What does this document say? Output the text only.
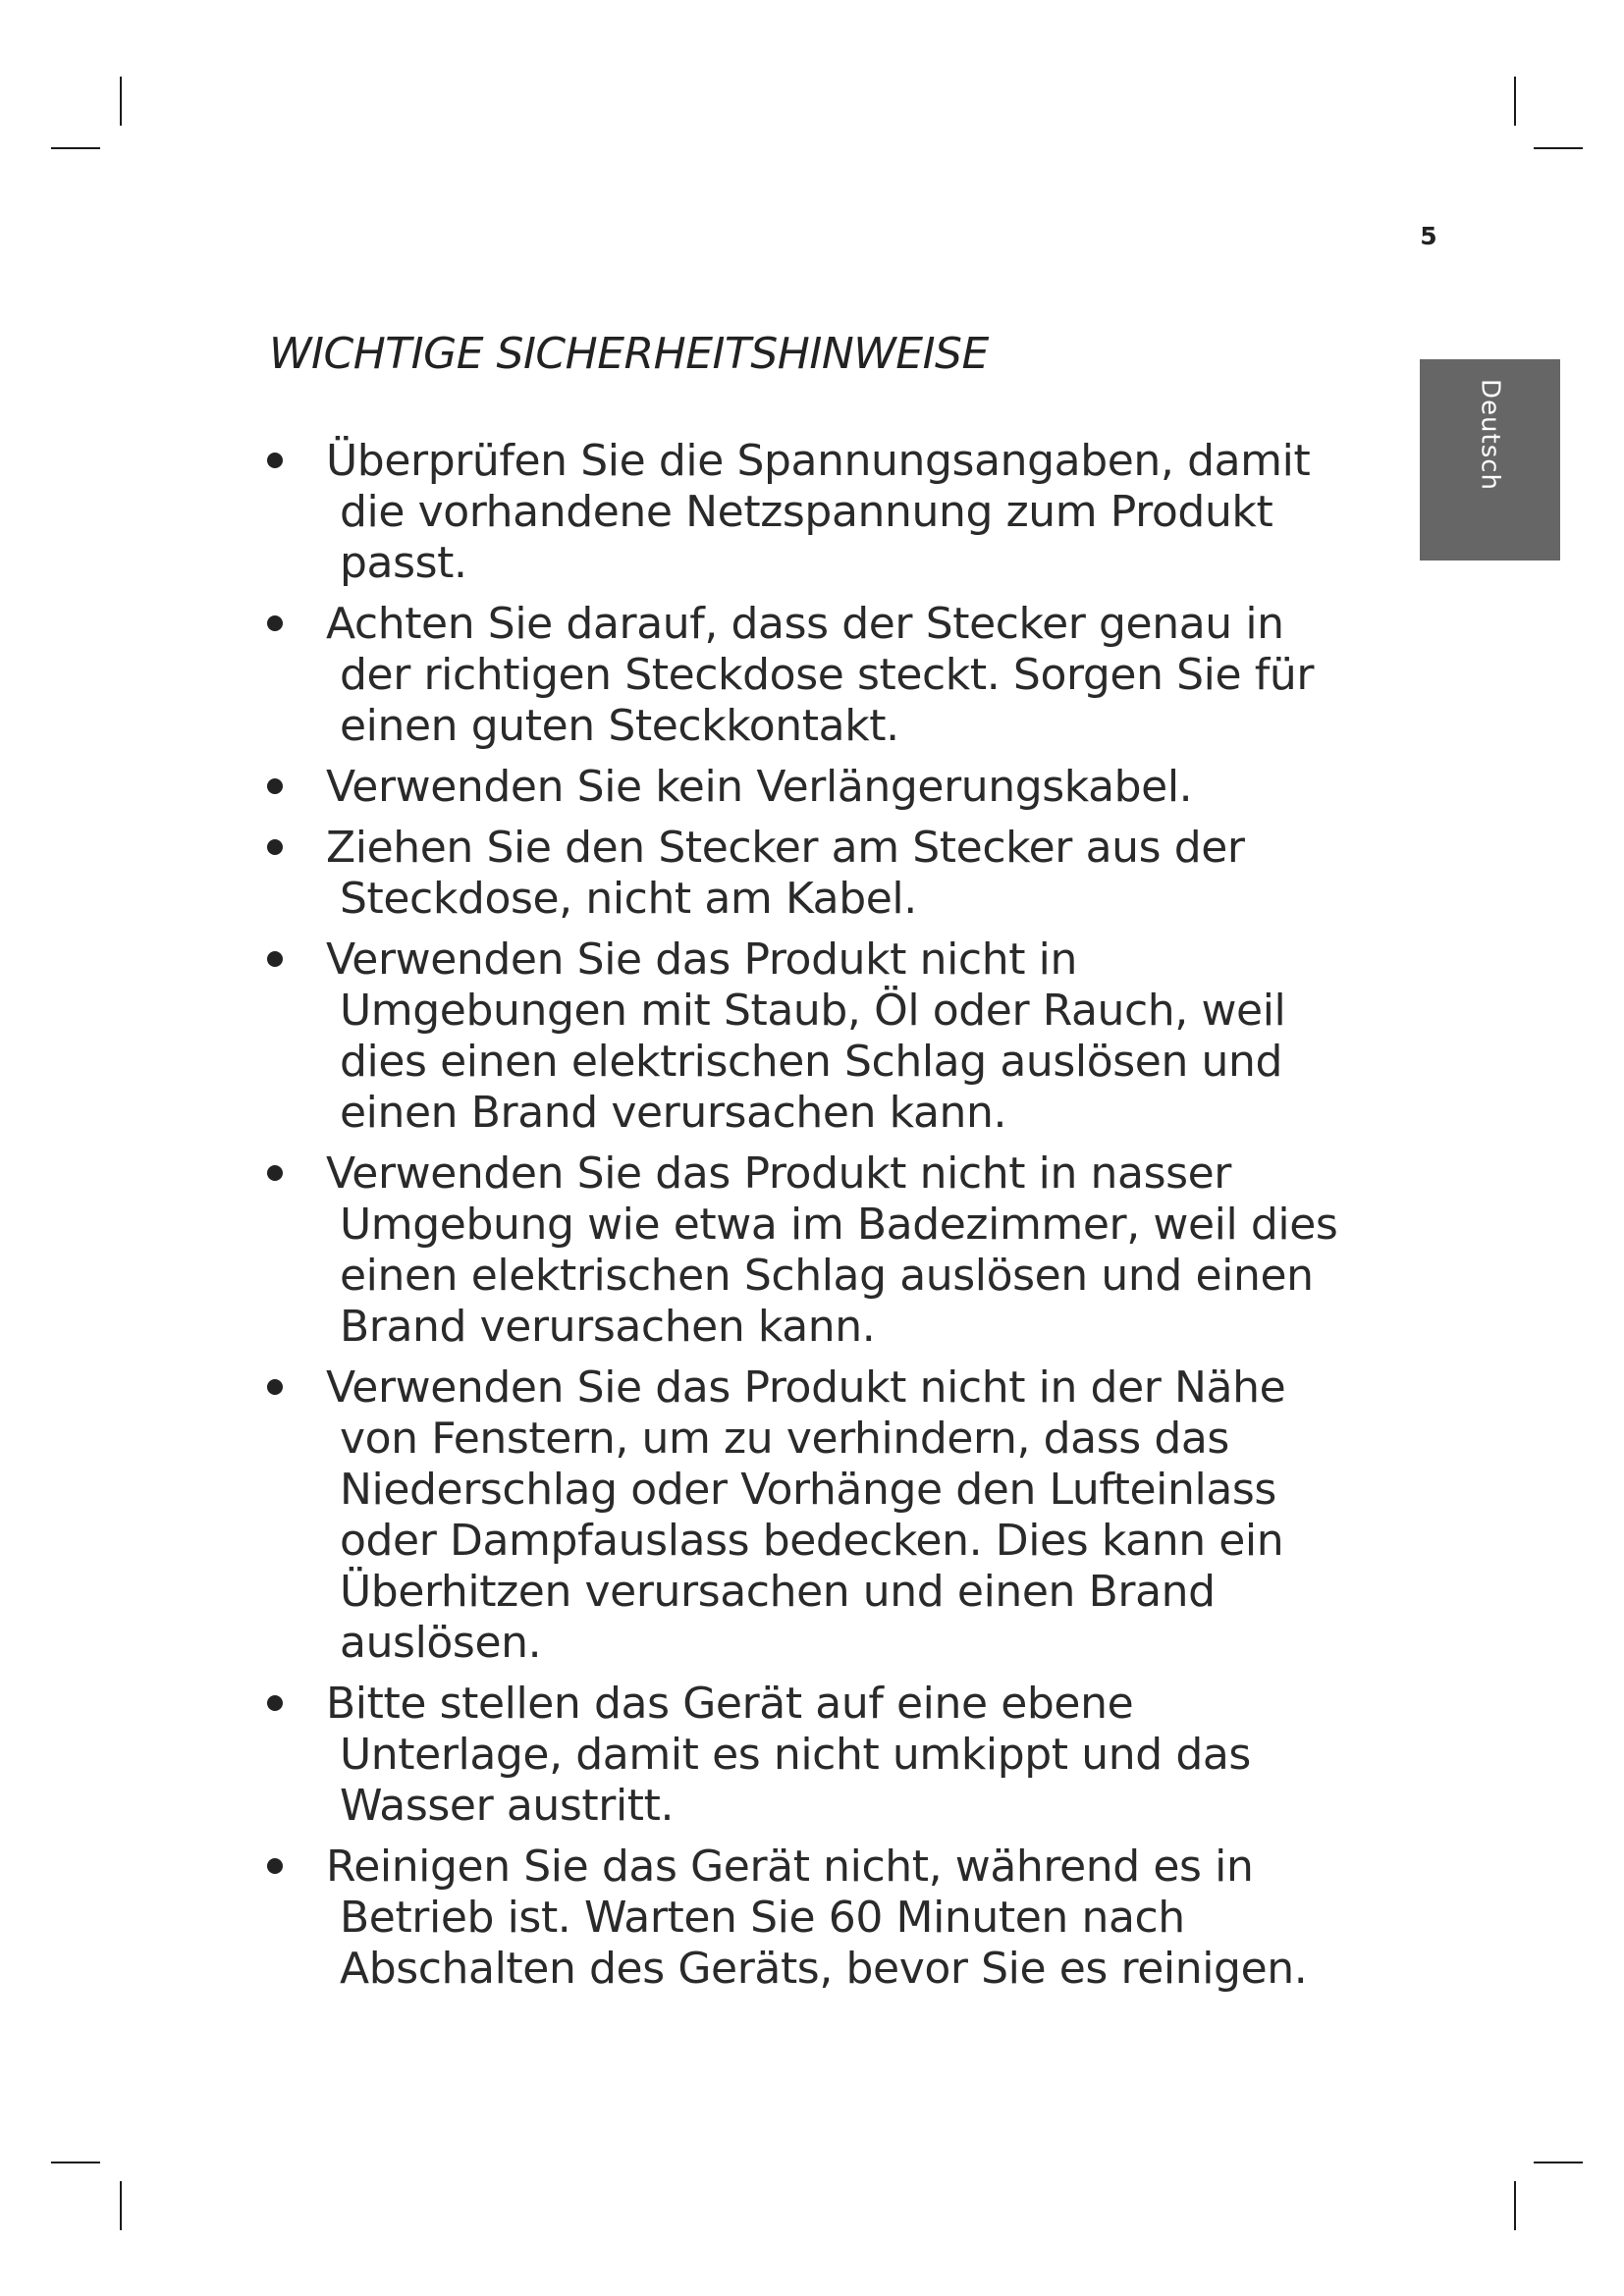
5
Deutsch
WICHTIGE SICHERHEITSHINWEISE
Überprüfen Sie die Spannungsangaben, damit die vorhandene Netzspannung zum Produkt passt.
Achten Sie darauf, dass der Stecker genau in der richtigen Steckdose steckt. Sorgen Sie für einen guten Steckkontakt.
Verwenden Sie kein Verlängerungskabel.
Ziehen Sie den Stecker am Stecker aus der Steckdose, nicht am Kabel.
Verwenden Sie das Produkt nicht in Umgebungen mit Staub, Öl oder Rauch, weil dies einen elektrischen Schlag auslösen und einen Brand verursachen kann.
Verwenden Sie das Produkt nicht in nasser Umgebung wie etwa im Badezimmer, weil dies einen elektrischen Schlag auslösen und einen Brand verursachen kann.
Verwenden Sie das Produkt nicht in der Nähe von Fenstern, um zu verhindern, dass das Niederschlag oder Vorhänge den Lufteinlass oder Dampfauslass bedecken. Dies kann ein Überhitzen verursachen und einen Brand auslösen.
Bitte stellen das Gerät auf eine ebene Unterlage, damit es nicht umkippt und das Wasser austritt.
Reinigen Sie das Gerät nicht, während es in Betrieb ist. Warten Sie 60 Minuten nach Abschalten des Geräts, bevor Sie es reinigen.
